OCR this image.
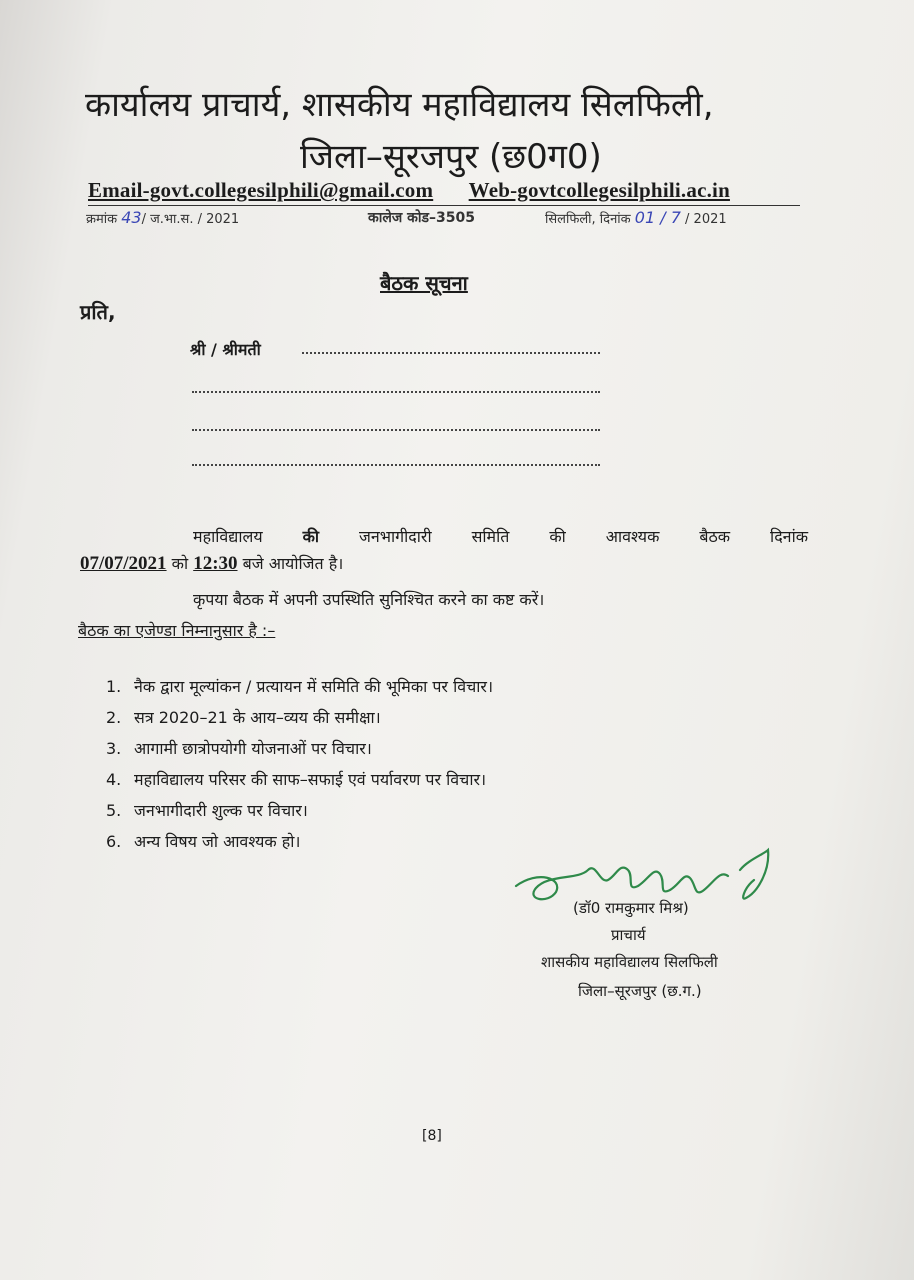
कार्यालय प्राचार्य, शासकीय महाविद्यालय सिलफिली,
जिला–सूरजपुर (छ0ग0)
Email-govt.collegesilphili@gmail.com Web-govtcollegesilphili.ac.in
क्रमांक 43/ ज.भा.स. / 2021	कालेज कोड–3505	सिलफिली, दिनांक 01 / 7 / 2021
बैठक सूचना
प्रति,
श्री / श्रीमती
महाविद्यालय की जनभागीदारी समिति की आवश्यक बैठक दिनांक
07/07/2021 को 12:30 बजे आयोजित है।
कृपया बैठक में अपनी उपस्थिति सुनिश्चित करने का कष्ट करें।
बैठक का एजेण्डा निम्नानुसार है :–
1. नैक द्वारा मूल्यांकन / प्रत्यायन में समिति की भूमिका पर विचार।
2. सत्र 2020–21 के आय–व्यय की समीक्षा।
3. आगामी छात्रोपयोगी योजनाओं पर विचार।
4. महाविद्यालय परिसर की साफ–सफाई एवं पर्यावरण पर विचार।
5. जनभागीदारी शुल्क पर विचार।
6. अन्य विषय जो आवश्यक हो।
(डॉ0 रामकुमार मिश्र)
प्राचार्य
शासकीय महाविद्यालय सिलफिली
जिला–सूरजपुर (छ.ग.)
[8]
